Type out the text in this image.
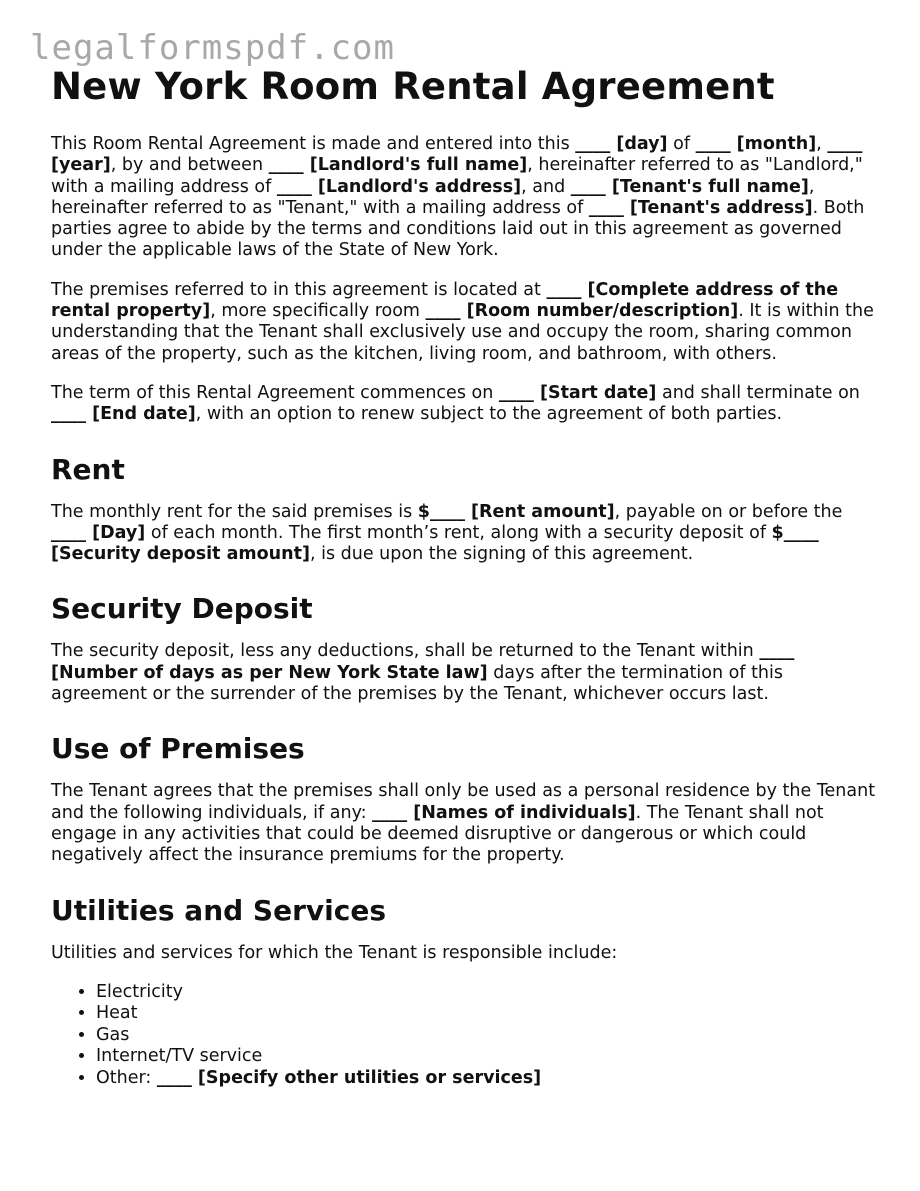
legalformspdf.com
New York Room Rental Agreement

This Room Rental Agreement is made and entered into this ____ [day] of ____ [month], ____ [year], by and between ____ [Landlord's full name], hereinafter referred to as "Landlord," with a mailing address of ____ [Landlord's address], and ____ [Tenant's full name], hereinafter referred to as "Tenant," with a mailing address of ____ [Tenant's address]. Both parties agree to abide by the terms and conditions laid out in this agreement as governed under the applicable laws of the State of New York.

The premises referred to in this agreement is located at ____ [Complete address of the rental property], more specifically room ____ [Room number/description]. It is within the understanding that the Tenant shall exclusively use and occupy the room, sharing common areas of the property, such as the kitchen, living room, and bathroom, with others.

The term of this Rental Agreement commences on ____ [Start date] and shall terminate on ____ [End date], with an option to renew subject to the agreement of both parties.

Rent

The monthly rent for the said premises is $____ [Rent amount], payable on or before the ____ [Day] of each month. The first month’s rent, along with a security deposit of $____ [Security deposit amount], is due upon the signing of this agreement.

Security Deposit

The security deposit, less any deductions, shall be returned to the Tenant within ____ [Number of days as per New York State law] days after the termination of this agreement or the surrender of the premises by the Tenant, whichever occurs last.

Use of Premises

The Tenant agrees that the premises shall only be used as a personal residence by the Tenant and the following individuals, if any: ____ [Names of individuals]. The Tenant shall not engage in any activities that could be deemed disruptive or dangerous or which could negatively affect the insurance premiums for the property.

Utilities and Services

Utilities and services for which the Tenant is responsible include:

• Electricity
• Heat
• Gas
• Internet/TV service
• Other: ____ [Specify other utilities or services]
